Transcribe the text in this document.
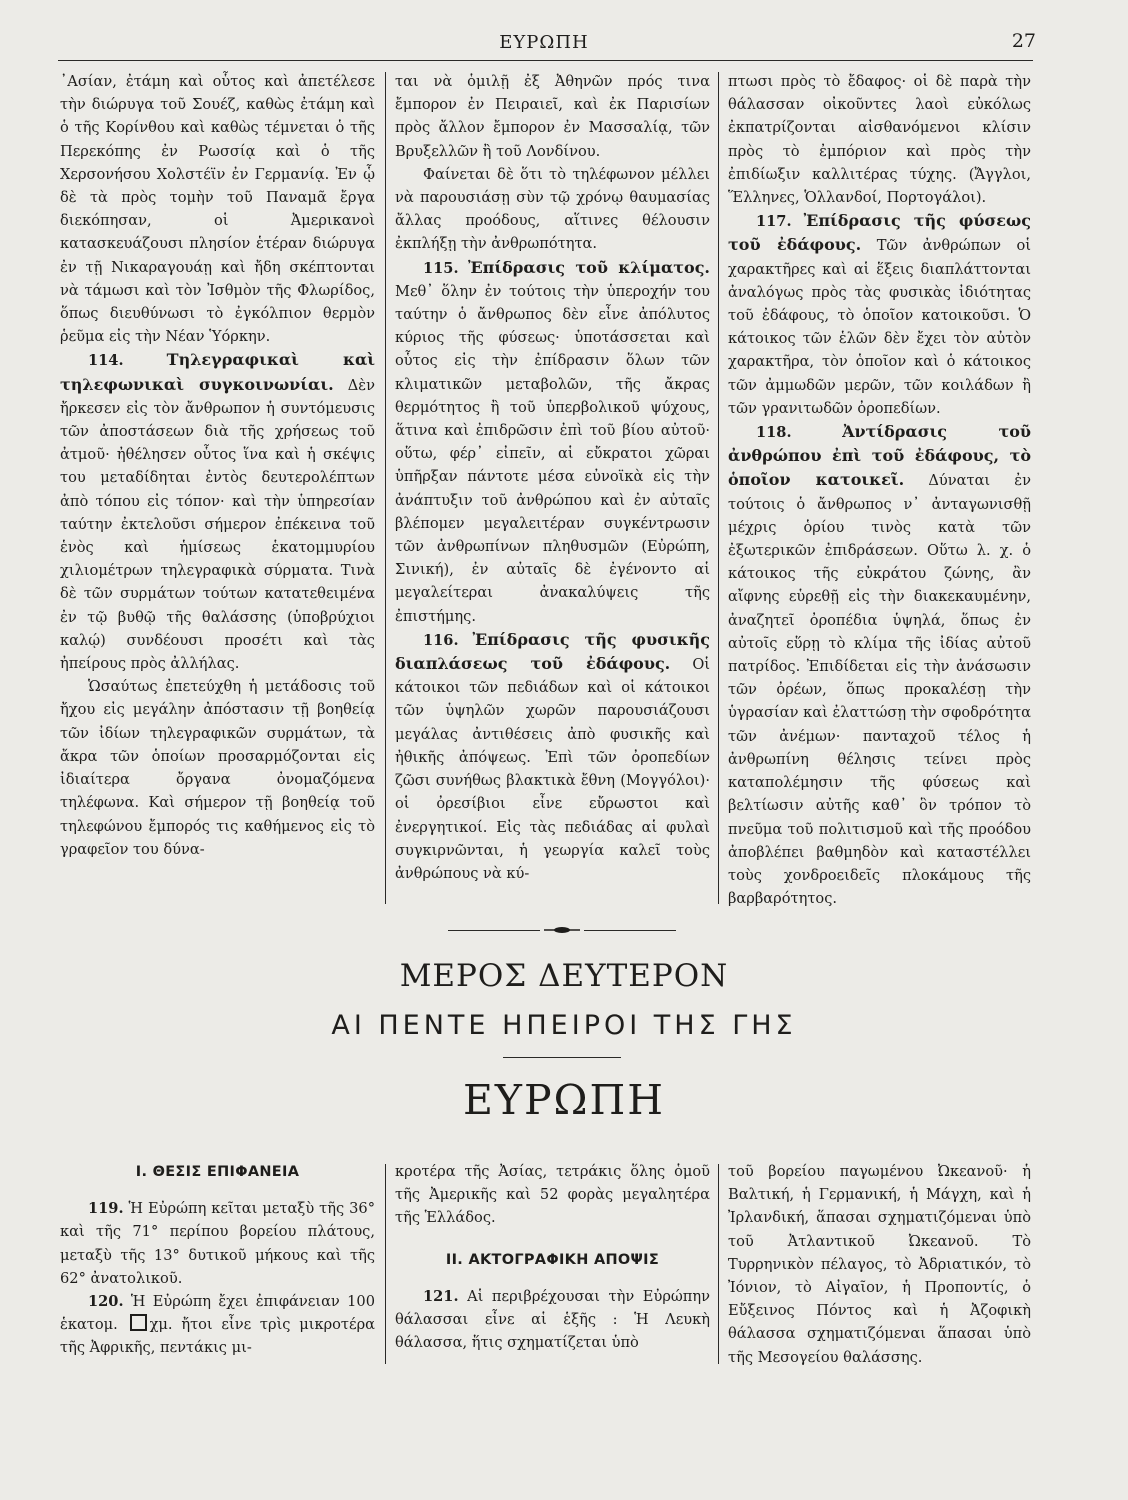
ΕΥΡΩΠΗ	27

᾿Ασίαν, ἐτάμη καὶ οὗτος καὶ ἀπετέλεσε τὴν διώρυγα τοῦ Σουέζ, καθὼς ἐτάμη καὶ ὁ τῆς Κορίνθου καὶ καθὼς τέμνεται ὁ τῆς Περεκόπης ἐν Ρωσσίᾳ καὶ ὁ τῆς Χερσονήσου Χολστέϊν ἐν Γερμανίᾳ. Ἐν ᾧ δὲ τὰ πρὸς τομὴν τοῦ Παναμᾶ ἔργα διεκόπησαν, οἱ Ἀμερικανοὶ κατασκευάζουσι πλησίον ἑτέραν διώρυγα ἐν τῇ Νικαραγουάῃ καὶ ἤδη σκέπτονται νὰ τάμωσι καὶ τὸν Ἰσθμὸν τῆς Φλωρίδος, ὅπως διευθύνωσι τὸ ἐγκόλπιον θερμὸν ῥεῦμα εἰς τὴν Νέαν Ὑόρκην.

114.	Τηλεγραφικαὶ καὶ τηλεφωνικαὶ συγκοινωνίαι. Δὲν ἤρκεσεν εἰς τὸν ἄνθρωπον ἡ συντόμευσις τῶν ἀποστάσεων διὰ τῆς χρήσεως τοῦ ἀτμοῦ· ἠθέλησεν οὗτος ἵνα καὶ ἡ σκέψις του μεταδίδηται ἐντὸς δευτερολέπτων ἀπὸ τόπου εἰς τόπον· καὶ τὴν ὑπηρεσίαν ταύτην ἐκτελοῦσι σήμερον ἐπέκεινα τοῦ ἑνὸς καὶ ἡμίσεως ἑκατομμυρίου χιλιομέτρων τηλεγραφικὰ σύρματα. Τινὰ δὲ τῶν συρμάτων τούτων κατατεθειμένα ἐν τῷ βυθῷ τῆς θαλάσσης (ὑποβρύχιοι καλῴ) συνδέουσι προσέτι καὶ τὰς ἠπείρους πρὸς ἀλλήλας.

Ὡσαύτως ἐπετεύχθη ἡ μετάδοσις τοῦ ἤχου εἰς μεγάλην ἀπόστασιν τῇ βοηθείᾳ τῶν ἰδίων τηλεγραφικῶν συρμάτων, τὰ ἄκρα τῶν ὁποίων προσαρμόζονται εἰς ἰδιαίτερα ὄργανα ὀνομαζόμενα τηλέφωνα. Καὶ σήμερον τῇ βοηθείᾳ τοῦ τηλεφώνου ἔμπορός τις καθήμενος εἰς τὸ γραφεῖον του δύνα-

ται νὰ ὁμιλῇ ἐξ Ἀθηνῶν πρός τινα ἔμπορον ἐν Πειραιεῖ, καὶ ἐκ Παρισίων πρὸς ἄλλον ἔμπορον ἐν Μασσαλίᾳ, τῶν Βρυξελλῶν ἢ τοῦ Λονδίνου.

Φαίνεται δὲ ὅτι τὸ τηλέφωνον μέλλει νὰ παρουσιάσῃ σὺν τῷ χρόνῳ θαυμασίας ἄλλας προόδους, αἵτινες θέλουσιν ἐκπλήξῃ τὴν ἀνθρωπότητα.

115. Ἐπίδρασις τοῦ κλίματος. Μεθ᾿ ὅλην ἐν τούτοις τὴν ὑπεροχήν του ταύτην ὁ ἄνθρωπος δὲν εἶνε ἀπόλυτος κύριος τῆς φύσεως· ὑποτάσσεται καὶ οὗτος εἰς τὴν ἐπίδρασιν ὅλων τῶν κλιματικῶν μεταβολῶν, τῆς ἄκρας θερμότητος ἢ τοῦ ὑπερβολικοῦ ψύχους, ἅτινα καὶ ἐπιδρῶσιν ἐπὶ τοῦ βίου αὐτοῦ· οὕτω, φέρ᾿ εἰπεῖν, αἱ εὔκρατοι χῶραι ὑπῆρξαν πάντοτε μέσα εὐνοϊκὰ εἰς τὴν ἀνάπτυξιν τοῦ ἀνθρώπου καὶ ἐν αὐταῖς βλέπομεν μεγαλειτέραν συγκέντρωσιν τῶν ἀνθρωπίνων πληθυσμῶν (Εὐρώπη, Σινική), ἐν αὐταῖς δὲ ἐγένοντο αἱ μεγαλείτεραι ἀνακαλύψεις τῆς ἐπιστήμης.

116. Ἐπίδρασις τῆς φυσικῆς διαπλάσεως τοῦ ἐδάφους. Οἱ κάτοικοι τῶν πεδιάδων καὶ οἱ κάτοικοι τῶν ὑψηλῶν χωρῶν παρουσιάζουσι μεγάλας ἀντιθέσεις ἀπὸ φυσικῆς καὶ ἠθικῆς ἀπόψεως. Ἐπὶ τῶν ὀροπεδίων ζῶσι συνήθως βλακτικὰ ἔθνη (Μογγόλοι)· οἱ ὀρεσίβιοι εἶνε εὔρωστοι καὶ ἐνεργητικοί. Εἰς τὰς πεδιάδας αἱ φυλαὶ συγκιρνῶνται, ἡ γεωργία καλεῖ τοὺς ἀνθρώπους νὰ κύ-

πτωσι πρὸς τὸ ἔδαφος· οἱ δὲ παρὰ τὴν θάλασσαν οἰκοῦντες λαοὶ εὐκόλως ἐκπατρίζονται αἰσθανόμενοι κλίσιν πρὸς τὸ ἐμπόριον καὶ πρὸς τὴν ἐπιδίωξιν καλλιτέρας τύχης. (Ἄγγλοι, Ἕλληνες, Ὁλλανδοί, Πορτογάλοι).

117. Ἐπίδρασις τῆς φύσεως τοῦ ἐδάφους. Τῶν ἀνθρώπων οἱ χαρακτῆρες καὶ αἱ ἕξεις διαπλάττονται ἀναλόγως πρὸς τὰς φυσικὰς ἰδιότητας τοῦ ἐδάφους, τὸ ὁποῖον κατοικοῦσι. Ὁ κάτοικος τῶν ἑλῶν δὲν ἔχει τὸν αὐτὸν χαρακτῆρα, τὸν ὁποῖον καὶ ὁ κάτοικος τῶν ἀμμωδῶν μερῶν, τῶν κοιλάδων ἢ τῶν γρανιτωδῶν ὀροπεδίων.

118.	Ἀντίδρασις τοῦ ἀνθρώπου ἐπὶ τοῦ ἐδάφους, τὸ ὁποῖον κατοικεῖ. Δύναται ἐν τούτοις ὁ ἄνθρωπος ν᾿ ἀνταγωνισθῇ μέχρις ὁρίου τινὸς κατὰ τῶν ἐξωτερικῶν ἐπιδράσεων. Οὕτω λ. χ. ὁ κάτοικος τῆς εὐκράτου ζώνης, ἂν αἴφνης εὑρεθῇ εἰς τὴν διακεκαυμένην, ἀναζητεῖ ὀροπέδια ὑψηλά, ὅπως ἐν αὐτοῖς εὕρῃ τὸ κλίμα τῆς ἰδίας αὐτοῦ πατρίδος. Ἐπιδίδεται εἰς τὴν ἀνάσωσιν τῶν ὀρέων, ὅπως προκαλέσῃ τὴν ὑγρασίαν καὶ ἐλαττώσῃ τὴν σφοδρότητα τῶν ἀνέμων· πανταχοῦ τέλος ἡ ἀνθρωπίνη θέλησις τείνει πρὸς καταπολέμησιν τῆς φύσεως καὶ βελτίωσιν αὐτῆς καθ᾿ ὃν τρόπον τὸ πνεῦμα τοῦ πολιτισμοῦ καὶ τῆς προόδου ἀποβλέπει βαθμηδὸν καὶ καταστέλλει τοὺς χονδροειδεῖς πλοκάμους τῆς βαρβαρότητος.

ΜΕΡΟΣ ΔΕΥΤΕΡΟΝ
ΑΙ ΠΕΝΤΕ ΗΠΕΙΡΟΙ ΤΗΣ ΓΗΣ
ΕΥΡΩΠΗ

I. ΘΕΣΙΣ ΕΠΙΦΑΝΕΙΑ

119. Ἡ Εὐρώπη κεῖται μεταξὺ τῆς 36° καὶ τῆς 71° περίπου βορείου πλάτους, μεταξὺ τῆς 13° δυτικοῦ μήκους καὶ τῆς 62° ἀνατολικοῦ.

120. Ἡ Εὐρώπη ἔχει ἐπιφάνειαν 100 ἑκατομ. χμ. ἤτοι εἶνε τρὶς μικροτέρα τῆς Ἀφρικῆς, πεντάκις μι-

κροτέρα τῆς Ἀσίας, τετράκις ὅλης ὁμοῦ τῆς Ἀμερικῆς καὶ 52 φορὰς μεγαλητέρα τῆς Ἑλλάδος.

II. ΑΚΤΟΓΡΑΦΙΚΗ ΑΠΟΨΙΣ

121. Αἱ περιβρέχουσαι τὴν Εὐρώπην θάλασσαι εἶνε αἱ ἑξῆς : Ἡ Λευκὴ θάλασσα, ἥτις σχηματίζεται ὑπὸ

τοῦ βορείου παγωμένου Ὠκεανοῦ· ἡ Βαλτική, ἡ Γερμανική, ἡ Μάγχη, καὶ ἡ Ἰρλανδική, ἅπασαι σχηματιζόμεναι ὑπὸ τοῦ Ἀτλαντικοῦ Ὠκεανοῦ. Τὸ Τυρρηνικὸν πέλαγος, τὸ Ἀδριατικόν, τὸ Ἰόνιον, τὸ Αἰγαῖον, ἡ Προποντίς, ὁ Εὔξεινος Πόντος καὶ ἡ Ἀζοφικὴ θάλασσα σχηματιζόμεναι ἅπασαι ὑπὸ τῆς Μεσογείου θαλάσσης.
